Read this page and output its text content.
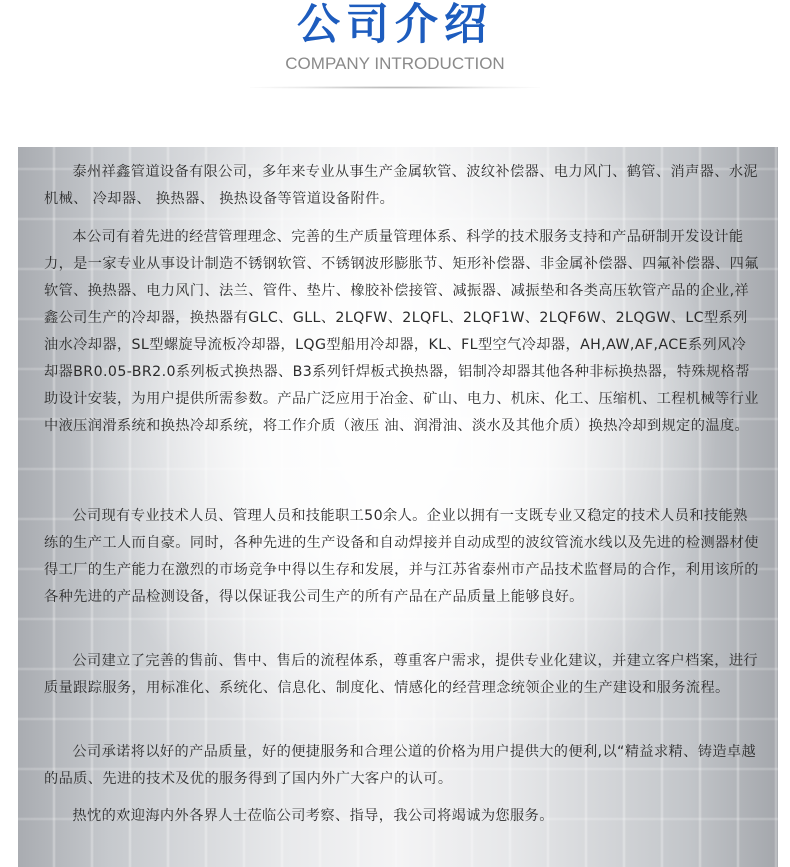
公司介绍
COMPANY INTRODUCTION

泰州祥鑫管道设备有限公司，多年来专业从事生产金属软管、波纹补偿器、电力风门、鹤管、消声器、水泥机械、 冷却器、 换热器、 换热设备等管道设备附件。

本公司有着先进的经营管理理念、完善的生产质量管理体系、科学的技术服务支持和产品研制开发设计能力，是一家专业从事设计制造不锈钢软管、不锈钢波形膨胀节、矩形补偿器、非金属补偿器、四氟补偿器、四氟软管、换热器、电力风门、法兰、管件、垫片、橡胶补偿接管、减振器、减振垫和各类高压软管产品的企业,祥鑫公司生产的冷却器，换热器有GLC、GLL、2LQFW、2LQFL、2LQF1W、2LQF6W、2LQGW、LC型系列油水冷却器，SL型螺旋导流板冷却器，LQG型船用冷却器，KL、FL型空气冷却器，AH,AW,AF,ACE系列风冷却器BR0.05-BR2.0系列板式换热器、B3系列钎焊板式换热器，铝制冷却器其他各种非标换热器，特殊规格帮助设计安装，为用户提供所需参数。产品广泛应用于冶金、矿山、电力、机床、化工、压缩机、工程机械等行业中液压润滑系统和换热冷却系统，将工作介质（液压 油、润滑油、淡水及其他介质）换热冷却到规定的温度。

公司现有专业技术人员、管理人员和技能职工50余人。企业以拥有一支既专业又稳定的技术人员和技能熟练的生产工人而自豪。同时，各种先进的生产设备和自动焊接并自动成型的波纹管流水线以及先进的检测器材使得工厂的生产能力在激烈的市场竞争中得以生存和发展，并与江苏省泰州市产品技术监督局的合作，利用该所的各种先进的产品检测设备，得以保证我公司生产的所有产品在产品质量上能够良好。

公司建立了完善的售前、售中、售后的流程体系，尊重客户需求，提供专业化建议，并建立客户档案，进行质量跟踪服务，用标准化、系统化、信息化、制度化、情感化的经营理念统领企业的生产建设和服务流程。

公司承诺将以好的产品质量，好的便捷服务和合理公道的价格为用户提供大的便利,以“精益求精、铸造卓越的品质、先进的技术及优的服务得到了国内外广大客户的认可。

热忱的欢迎海内外各界人士莅临公司考察、指导，我公司将竭诚为您服务。
